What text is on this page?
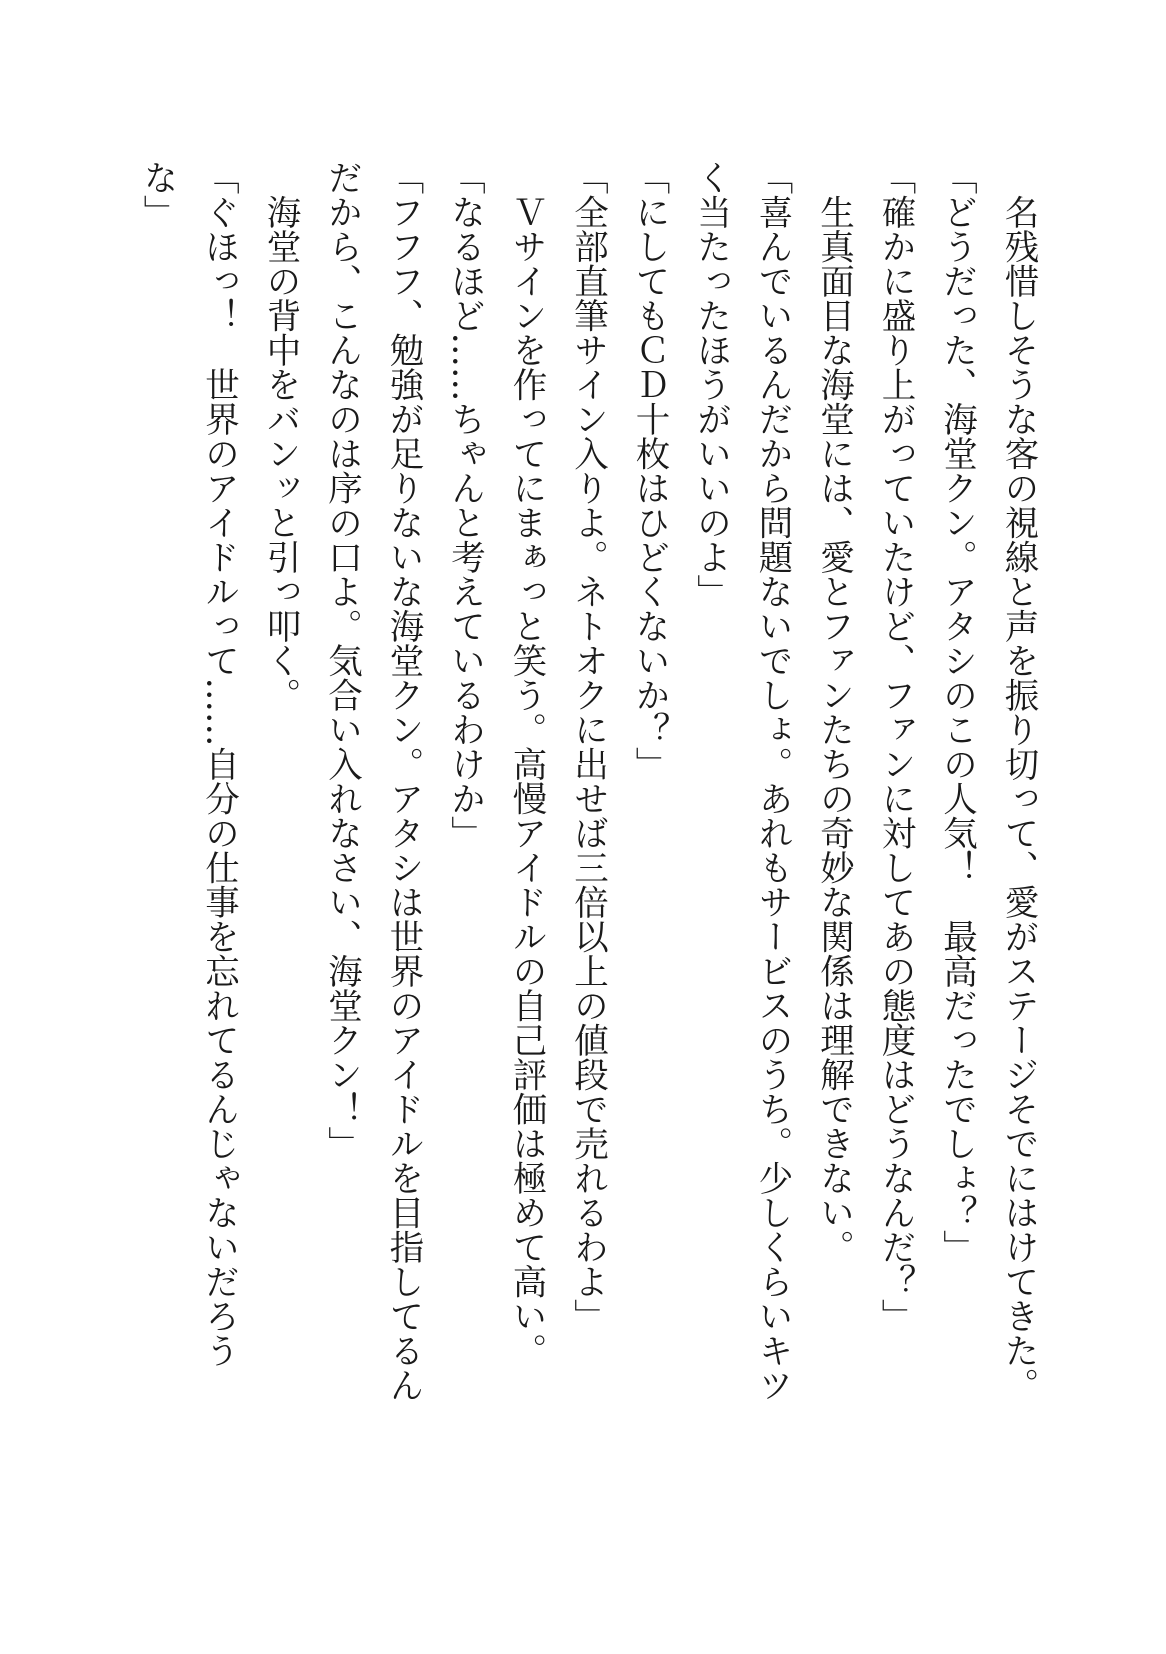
　名残惜しそうな客の視線と声を振り切って、愛がステージそでにはけてきた。

「どうだった、海堂クン。アタシのこの人気！　最高だったでしょ？」

「確かに盛り上がっていたけど、ファンに対してあの態度はどうなんだ？」

　生真面目な海堂には、愛とファンたちの奇妙な関係は理解できない。

「喜んでいるんだから問題ないでしょ。あれもサービスのうち。少しくらいキツ

く当たったほうがいいのよ」

「にしてもＣＤ十枚はひどくないか？」

「全部直筆サイン入りよ。ネトオクに出せば三倍以上の値段で売れるわよ」

　Ｖサインを作ってにまぁっと笑う。高慢アイドルの自己評価は極めて高い。

「なるほど……ちゃんと考えているわけか」

「フフフ、勉強が足りないな海堂クン。アタシは世界のアイドルを目指してるん

だから、こんなのは序の口よ。気合い入れなさい、海堂クン！」

　海堂の背中をバンッと引っ叩く。

「ぐほっ！　世界のアイドルって……自分の仕事を忘れてるんじゃないだろう

な」
